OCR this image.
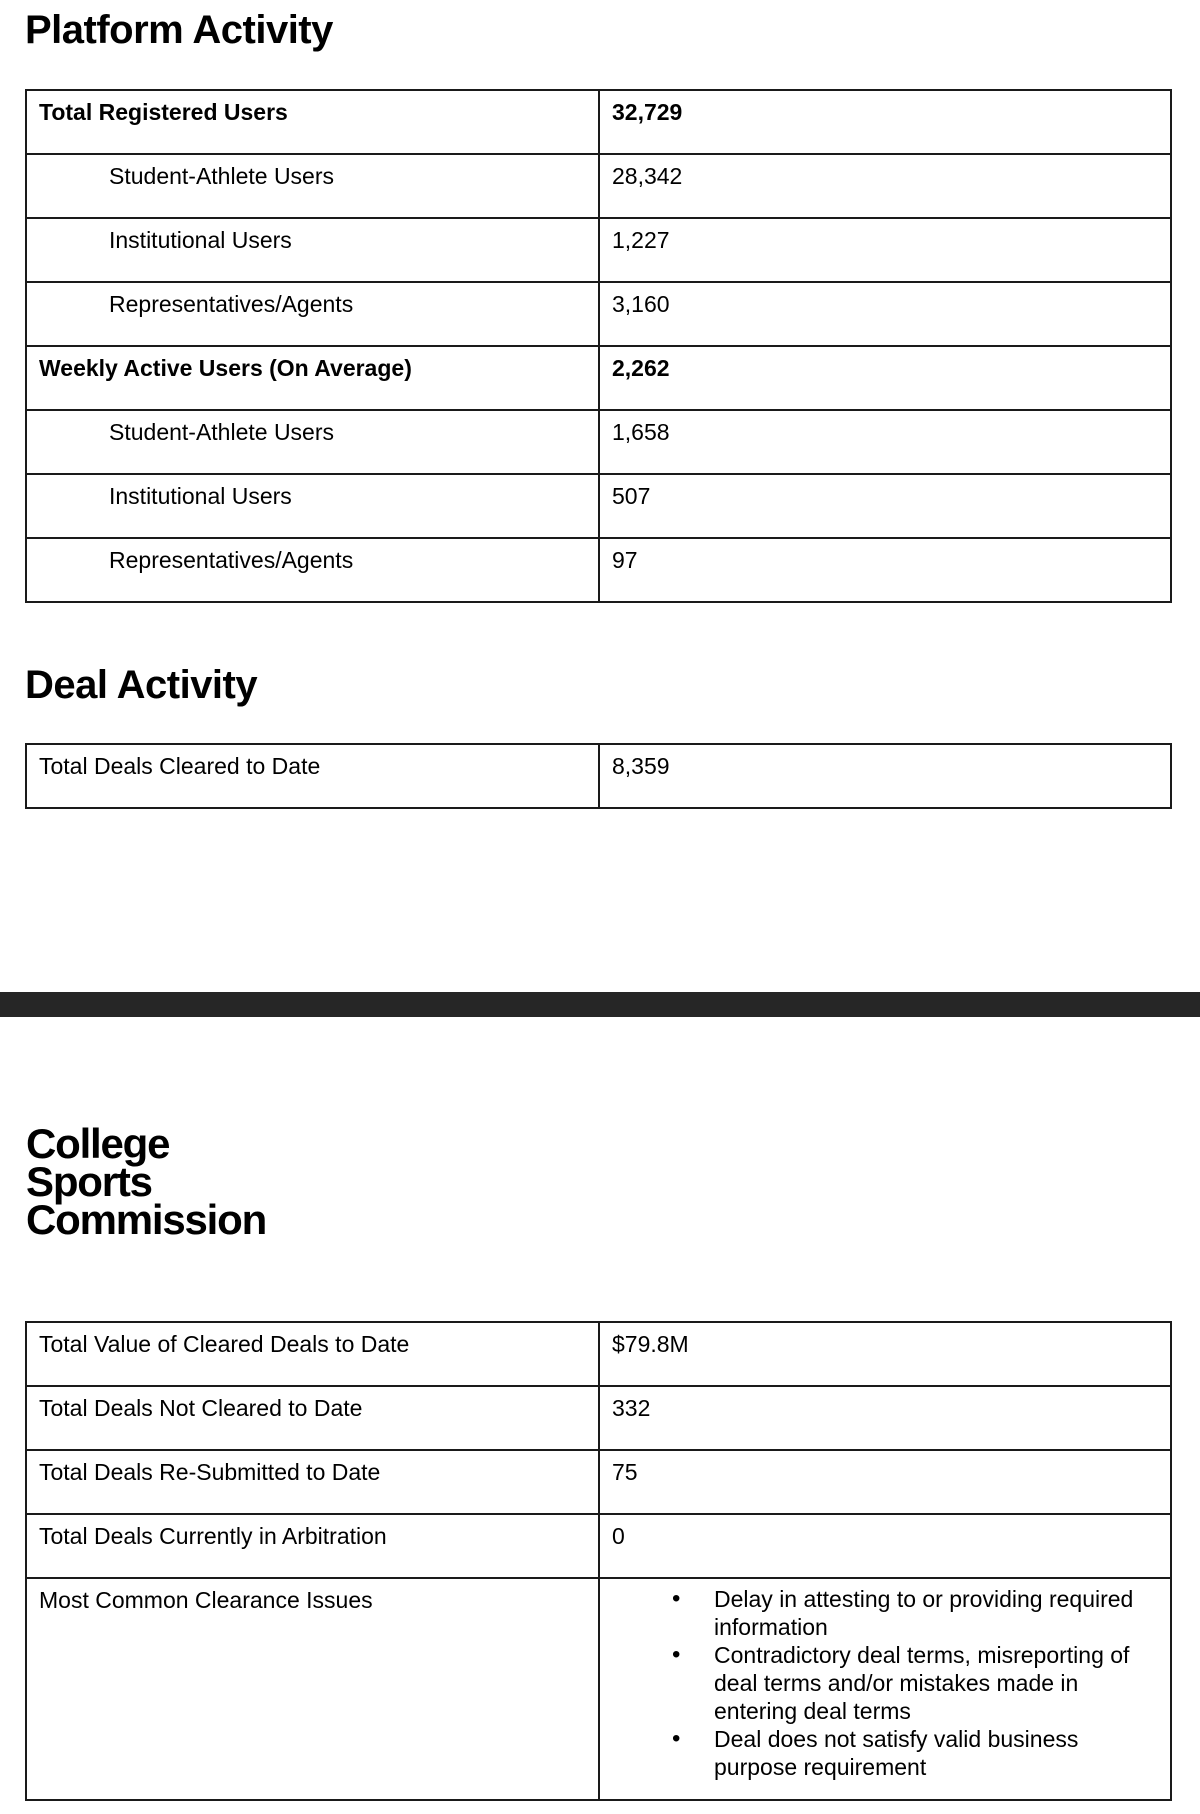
Platform Activity
Total Registered Users	32,729
Student-Athlete Users	28,342
Institutional Users	1,227
Representatives/Agents	3,160
Weekly Active Users (On Average)	2,262
Student-Athlete Users	1,658
Institutional Users	507
Representatives/Agents	97
Deal Activity
Total Deals Cleared to Date	8,359
College
Sports
Commission
Total Value of Cleared Deals to Date	$79.8M
Total Deals Not Cleared to Date	332
Total Deals Re-Submitted to Date	75
Total Deals Currently in Arbitration	0
Most Common Clearance Issues	
•Delay in attesting to or providing required information
• Contradictory deal terms, misreporting of deal terms and/or mistakes made in entering deal terms
• Deal does not satisfy valid business purpose requirement
